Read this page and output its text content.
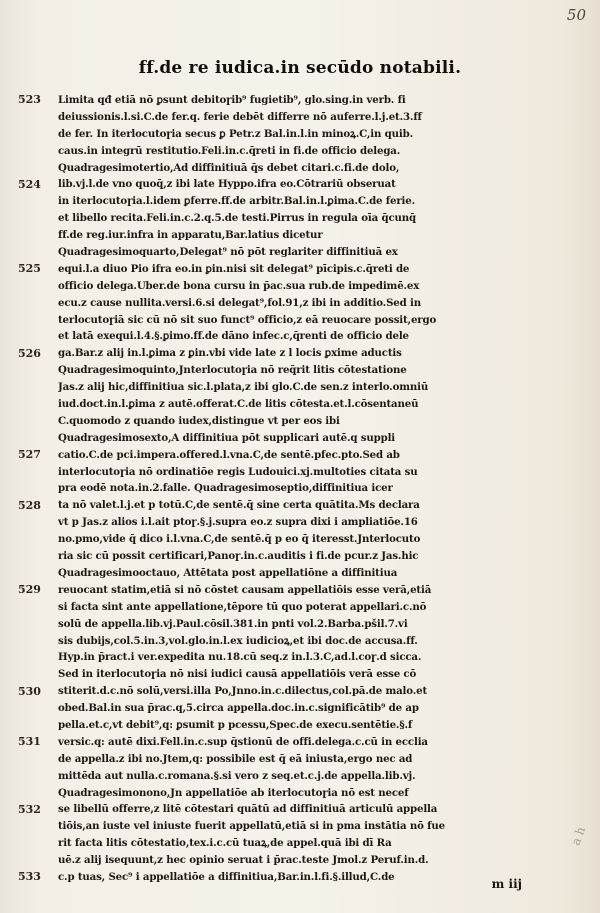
50
ff.de re iudica.in secūdo notabili.
Limita qđ etiā nō ꝑsunt debitoɼib⁹ fugietib⁹, glo.sing.in verb. fi
deiussionis.l.si.C.de fer.q. ferie debēt differre nō auferre.l.j.et.3.ff
de fer. In iterlocutoɼia secus ꝑ Petr.z Bal.in.l.in minoꝝ.C,in quib.
caus.in integrū restitutio.Feli.in.c.q̄reti in fi.de officio delega.
Quadragesimotertio,Ad diffinitiuā q̄s debet citari.c.fi.de dolo,
lib.vj.l.de vno quoq̄,z ibi late Hyppo.ifra eo.Cōtrariū obseruat
in iterlocutoɼia.l.idem ꝑferre.ff.de arbitr.Bal.in.l.ꝑima.C.de ferie.
et libello recita.Feli.in.c.2.q.5.de testi.Pirrus in regula oīa q̄cunq̄
ff.de reg.iur.infra in apparatu,Bar.latius dicetur
Quadragesimoquarto,Delegat⁹ nō pōt reglariter diffinitiuā ex
equi.l.a diuo Pio ifra eo.in ꝑin.nisi sit delegat⁹ pīcipis.c.q̄reti de
officio delega.Uber.de bona cursu in p̄ac.sua rub.de impedimē.ex
ecu.z cause nullita.versi.6.si delegat⁹,fol.91,z ibi in additio.Sed in
terlocutoɼiā sic cū nō sit suo funct⁹ officio,z eā reuocare possit,ergo
et latā exequi.l.4.§.ꝑimo.ff.de dāno infec.c,q̄renti de officio dele
ga.Bar.z alij in.l.ꝑima z ꝑin.vbi vide late z l locis ꝑxime aductis
Quadragesimoquinto,Jnterlocutoɼia nō req̄rit litis cōtestatione
Jas.z alij hic,diffinitiua sic.l.plata,z ibi glo.C.de sen.z interlo.omniū
iud.doct.in.l.ꝑima z autē.offerat.C.de litis cōtesta.et.l.cōsentaneū
C.quomodo z quando iudex,distingue vt per eos ibi
Quadragesimosexto,A diffinitiua pōt supplicari autē.q suppli
catio.C.de pci.impera.offered.l.vna.C,de sentē.pfec.pto.Sed ab
interlocutoɼia nō ordinatiōe regis Ludouici.xj.multoties citata su
pra eodē nota.in.2.falle. Quadragesimoseptio,diffinitiua icer
ta nō valet.l.j.et p totū.C,de sentē.q̄ sine certa quātita.Ms declara
vt p Jas.z alios i.l.ait ptoɼ.§.j.supra eo.z supra dixi i ampliatiōe.16
no.pmo,vide q̄ dico i.l.vna.C,de sentē.q̄ p eo q̄ iteresst.Jnterlocuto
ria sic cū possit certificari,Panoɼ.in.c.auditis i fi.de pcur.z Jas.hic
Quadragesimooctauo, Attētata post appellatiōne a diffinitiua
reuocant statim,etiā si nō cōstet causam appellatiōis esse verā,etiā
si facta sint ante appellatione,tēpore tū quo poterat appellari.c.nō
solū de appella.lib.vj.Paul.cōsil.381.in pnti vol.2.Barba.pšil.7.vi
sis dubijs,col.5.in.3,vol.glo.in.l.ex iudicioꝝ,et ibi doc.de accusa.ff.
Hyp.in p̄ract.i ver.expedita nu.18.cū seq.z in.l.3.C,ad.l.coɼ.d sicca.
Sed in iterlocutoɼia nō nisi iudici causā appellatiōis verā esse cō
stiterit.d.c.nō solū,versi.illa Po,Jnno.in.c.dilectus,col.pā.de malo.et
obed.Bal.in sua p̄rac.q,5.circa appella.doc.in.c.significātib⁹ de ap
pella.et.c,vt debit⁹,q: ꝑsumit p pcessu,Spec.de execu.sentētie.§.f
versic.q: autē dixi.Fell.in.c.sup q̄stionū de offi.delega.c.cū in ecclia
de appella.z ibi no.Jtem,q: possibile est q̄ eā iniusta,ergo nec ad
mittēda aut nulla.c.romana.§.si vero z seq.et.c.j.de appella.lib.vj.
Quadragesimonono,Jn appellatiōe ab iterlocutoɼia nō est necef
se libellū offerre,z litē cōtestari quātū ad diffinitiuā articulū appella
tiōis,an iuste vel iniuste fuerit appellatū,etiā si in pma instātia nō fue
rit facta litis cōtestatio,tex.i.c.cū tuaꝝ,de appel.quā ibi dī Ra
uē.z alij isequunt,z hec opinio seruat i p̄rac.teste Jmol.z Peruf.in.d.
c.p tuas, Sec⁹ i appellatiōe a diffinitiua,Bar.in.l.fi.§.illud,C.de
523
524
525
526
527
528
529
530
531
532
533
m iij
a h
